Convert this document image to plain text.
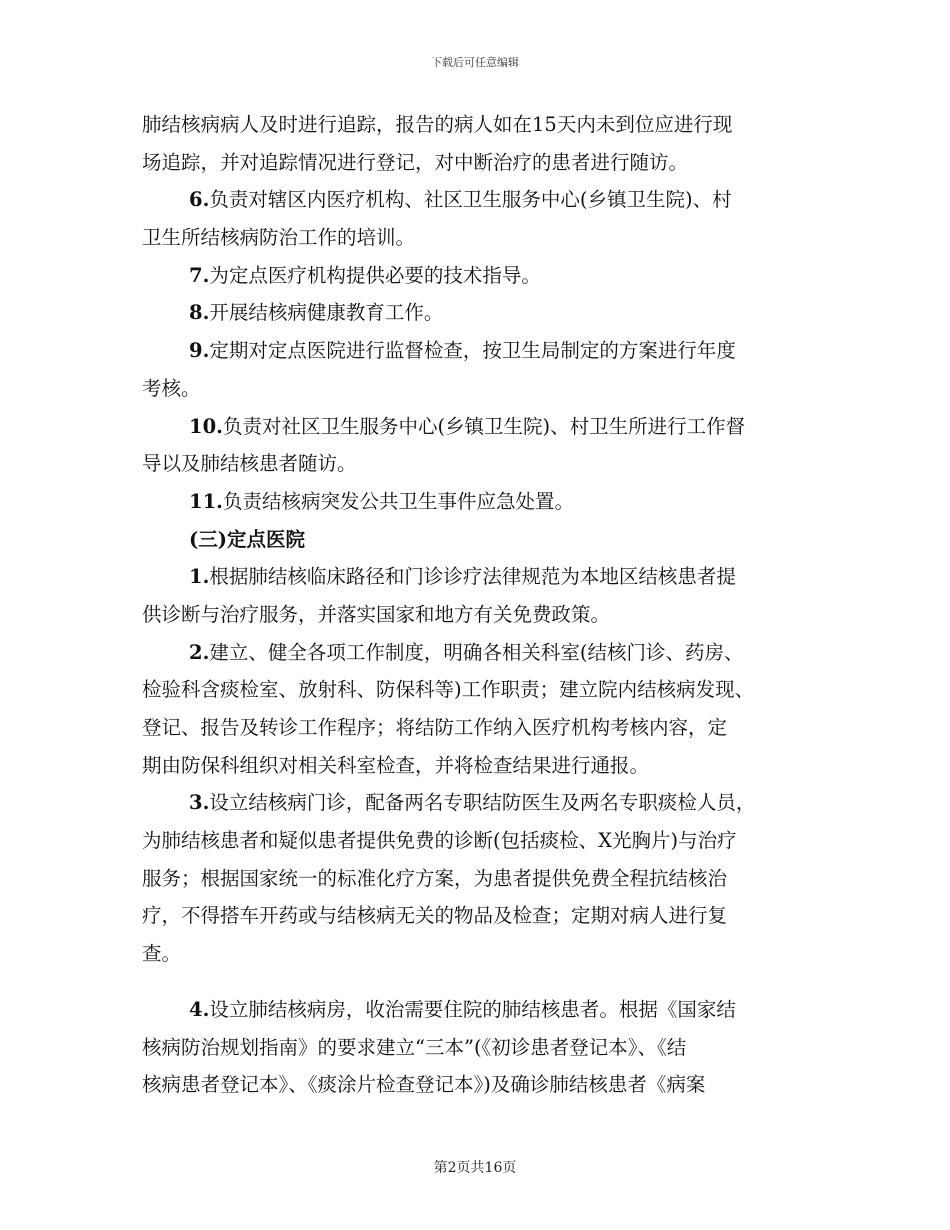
下载后可任意编辑
肺结核病病人及时进行追踪，报告的病人如在15天内未到位应进行现
场追踪，并对追踪情况进行登记，对中断治疗的患者进行随访。
6.负责对辖区内医疗机构、社区卫生服务中心(乡镇卫生院)、村
卫生所结核病防治工作的培训。
7.为定点医疗机构提供必要的技术指导。
8.开展结核病健康教育工作。
9.定期对定点医院进行监督检查，按卫生局制定的方案进行年度
考核。
10.负责对社区卫生服务中心(乡镇卫生院)、村卫生所进行工作督
导以及肺结核患者随访。
11.负责结核病突发公共卫生事件应急处置。
(三)定点医院
1.根据肺结核临床路径和门诊诊疗法律规范为本地区结核患者提
供诊断与治疗服务，并落实国家和地方有关免费政策。
2.建立、健全各项工作制度，明确各相关科室(结核门诊、药房、
检验科含痰检室、放射科、防保科等)工作职责；建立院内结核病发现、
登记、报告及转诊工作程序；将结防工作纳入医疗机构考核内容，定
期由防保科组织对相关科室检查，并将检查结果进行通报。
3.设立结核病门诊，配备两名专职结防医生及两名专职痰检人员，
为肺结核患者和疑似患者提供免费的诊断(包括痰检、X光胸片)与治疗
服务；根据国家统一的标准化疗方案，为患者提供免费全程抗结核治
疗，不得搭车开药或与结核病无关的物品及检查；定期对病人进行复
查。
4.设立肺结核病房，收治需要住院的肺结核患者。根据《国家结
核病防治规划指南》的要求建立“三本”(《初诊患者登记本》、《结
核病患者登记本》、《痰涂片检查登记本》)及确诊肺结核患者《病案
第2页共16页
